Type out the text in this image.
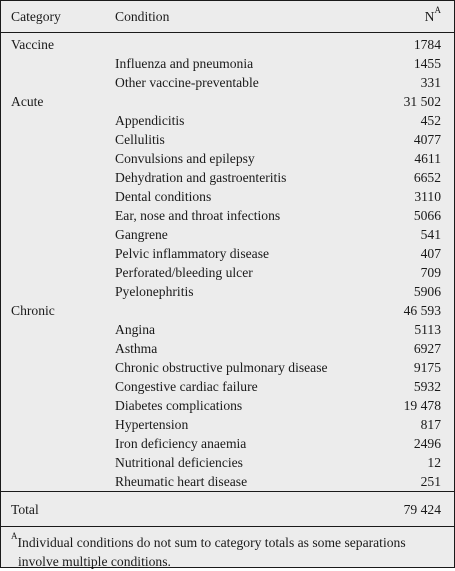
Category	Condition	$N^A$
Vaccine		1784
	Influenza and pneumonia	1455
	Other vaccine-preventable	331
Acute		31 502
	Appendicitis	452
	Cellulitis	4077
	Convulsions and epilepsy	4611
	Dehydration and gastroenteritis	6652
	Dental conditions	3110
	Ear, nose and throat infections	5066
	Gangrene	541
	Pelvic inflammatory disease	407
	Perforated/bleeding ulcer	709
	Pyelonephritis	5906
Chronic		46 593
	Angina	5113
	Asthma	6927
	Chronic obstructive pulmonary disease	9175
	Congestive cardiac failure	5932
	Diabetes complications	19 478
	Hypertension	817
	Iron deficiency anaemia	2496
	Nutritional deficiencies	12
	Rheumatic heart disease	251
Total		79 424
$^A$Individual conditions do not sum to category totals as some separations
involve multiple conditions.
